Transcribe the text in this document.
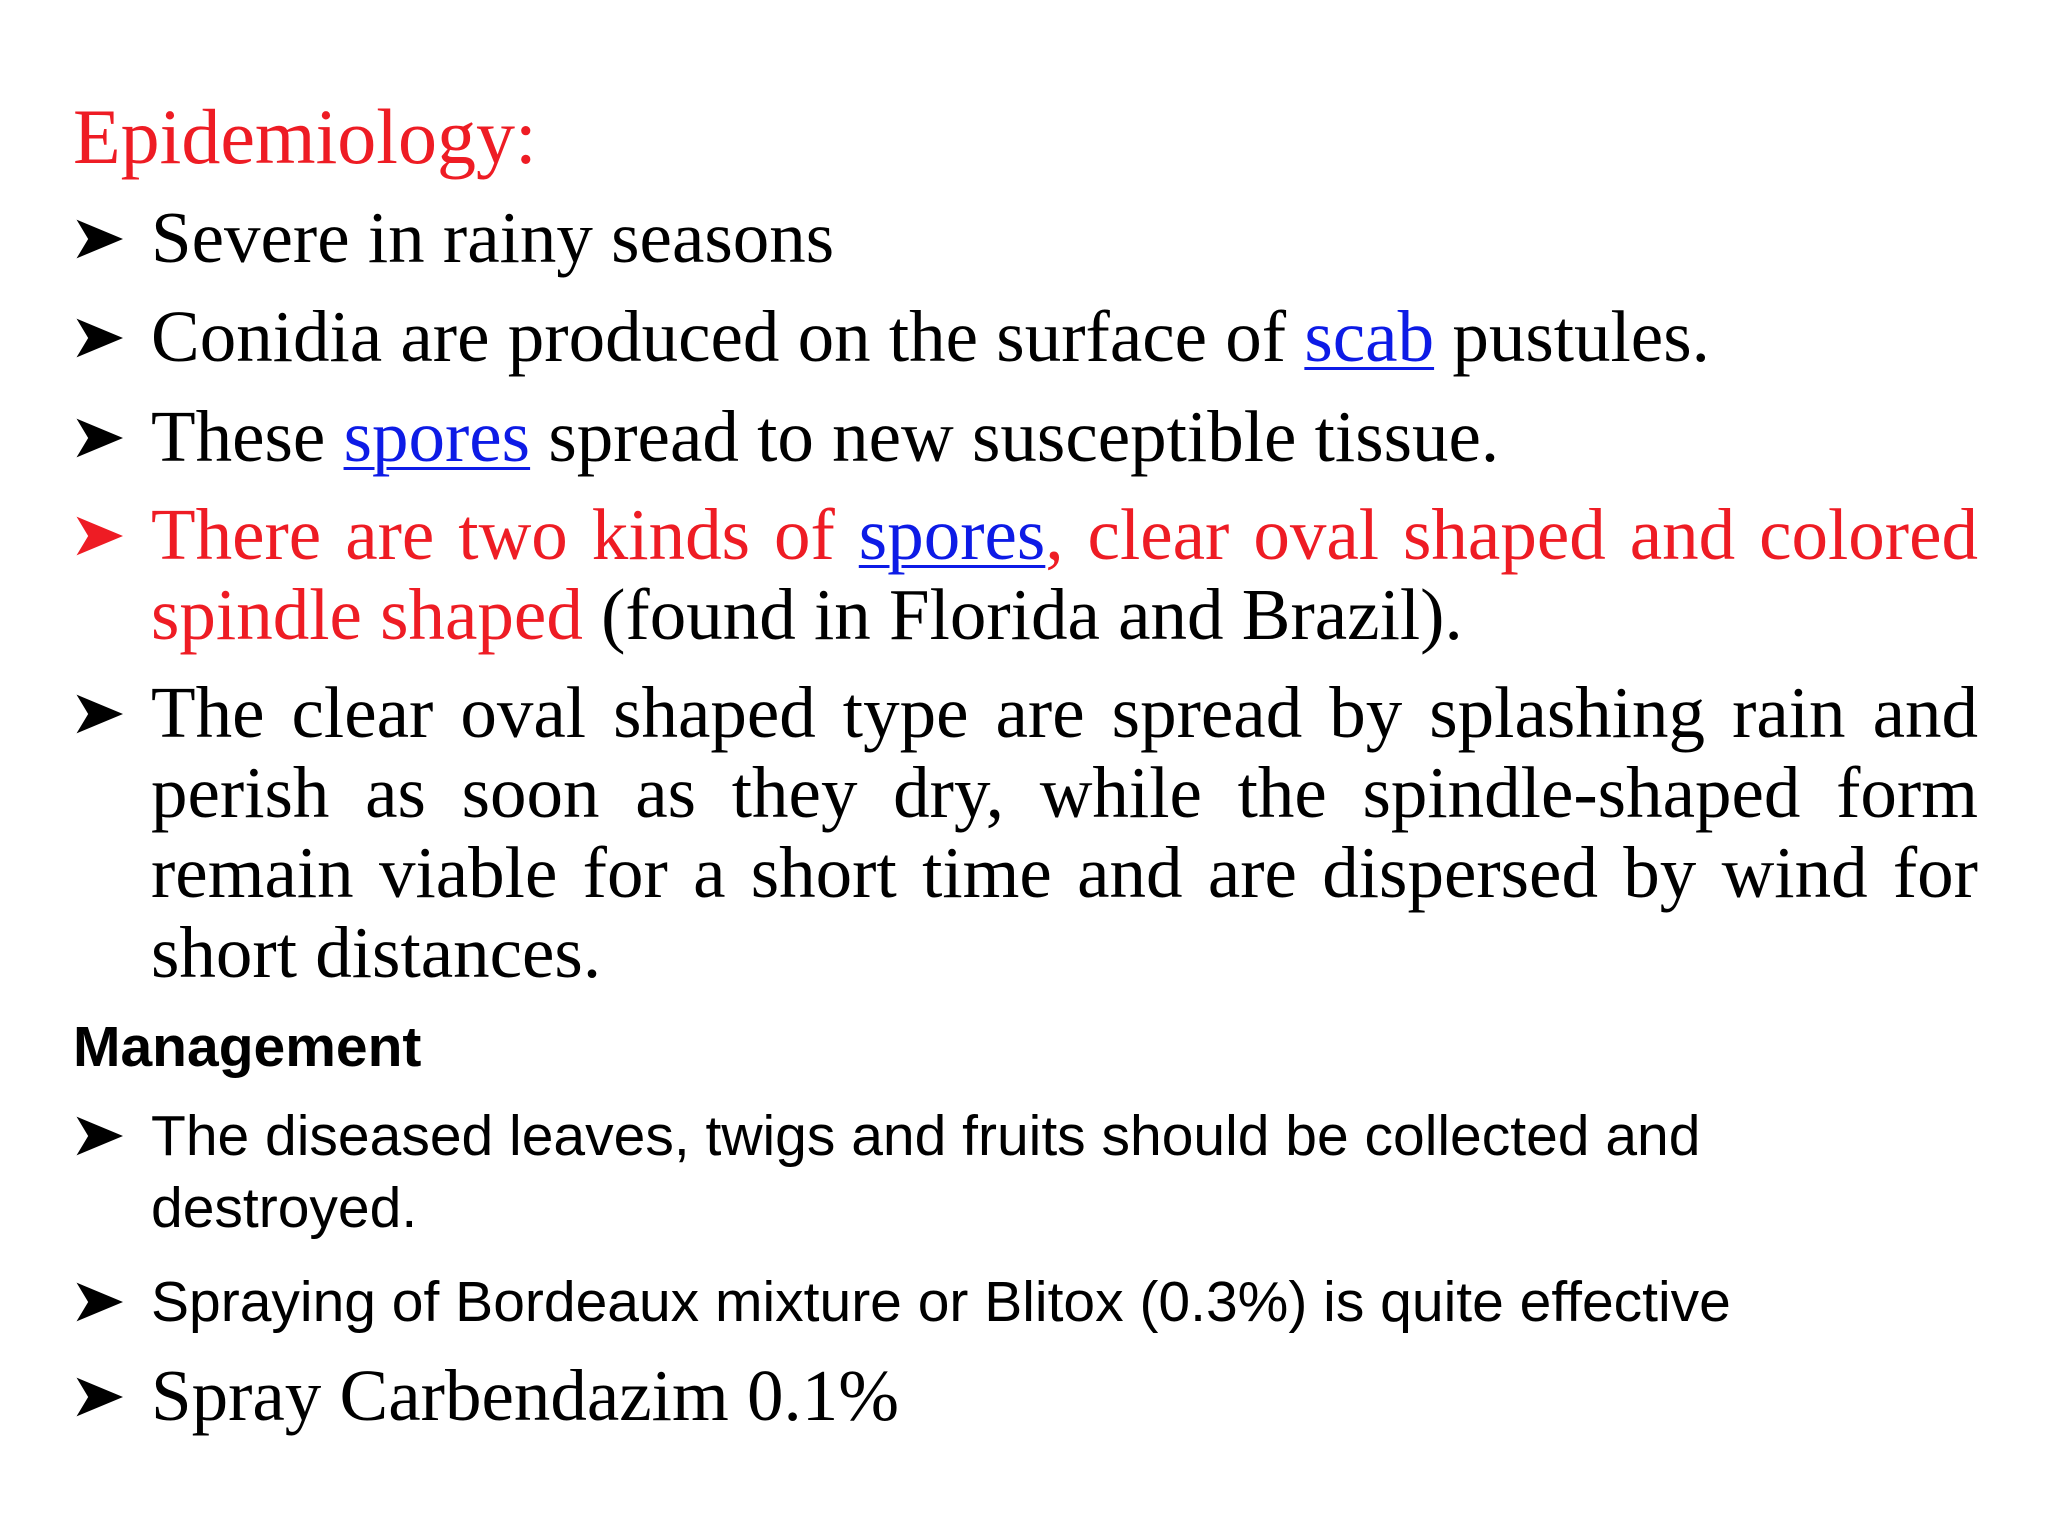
Epidemiology:
Severe in rainy seasons
Conidia are produced on the surface of scab pustules.
These spores spread to new susceptible tissue.
There are two kinds of spores, clear oval shaped and colored spindle shaped (found in Florida and Brazil).
The clear oval shaped type are spread by splashing rain and perish as soon as they dry, while the spindle-shaped form remain viable for a short time and are dispersed by wind for short distances.
Management
The diseased leaves, twigs and fruits should be collected and destroyed.
Spraying of Bordeaux mixture or Blitox (0.3%) is quite effective
Spray Carbendazim 0.1%
